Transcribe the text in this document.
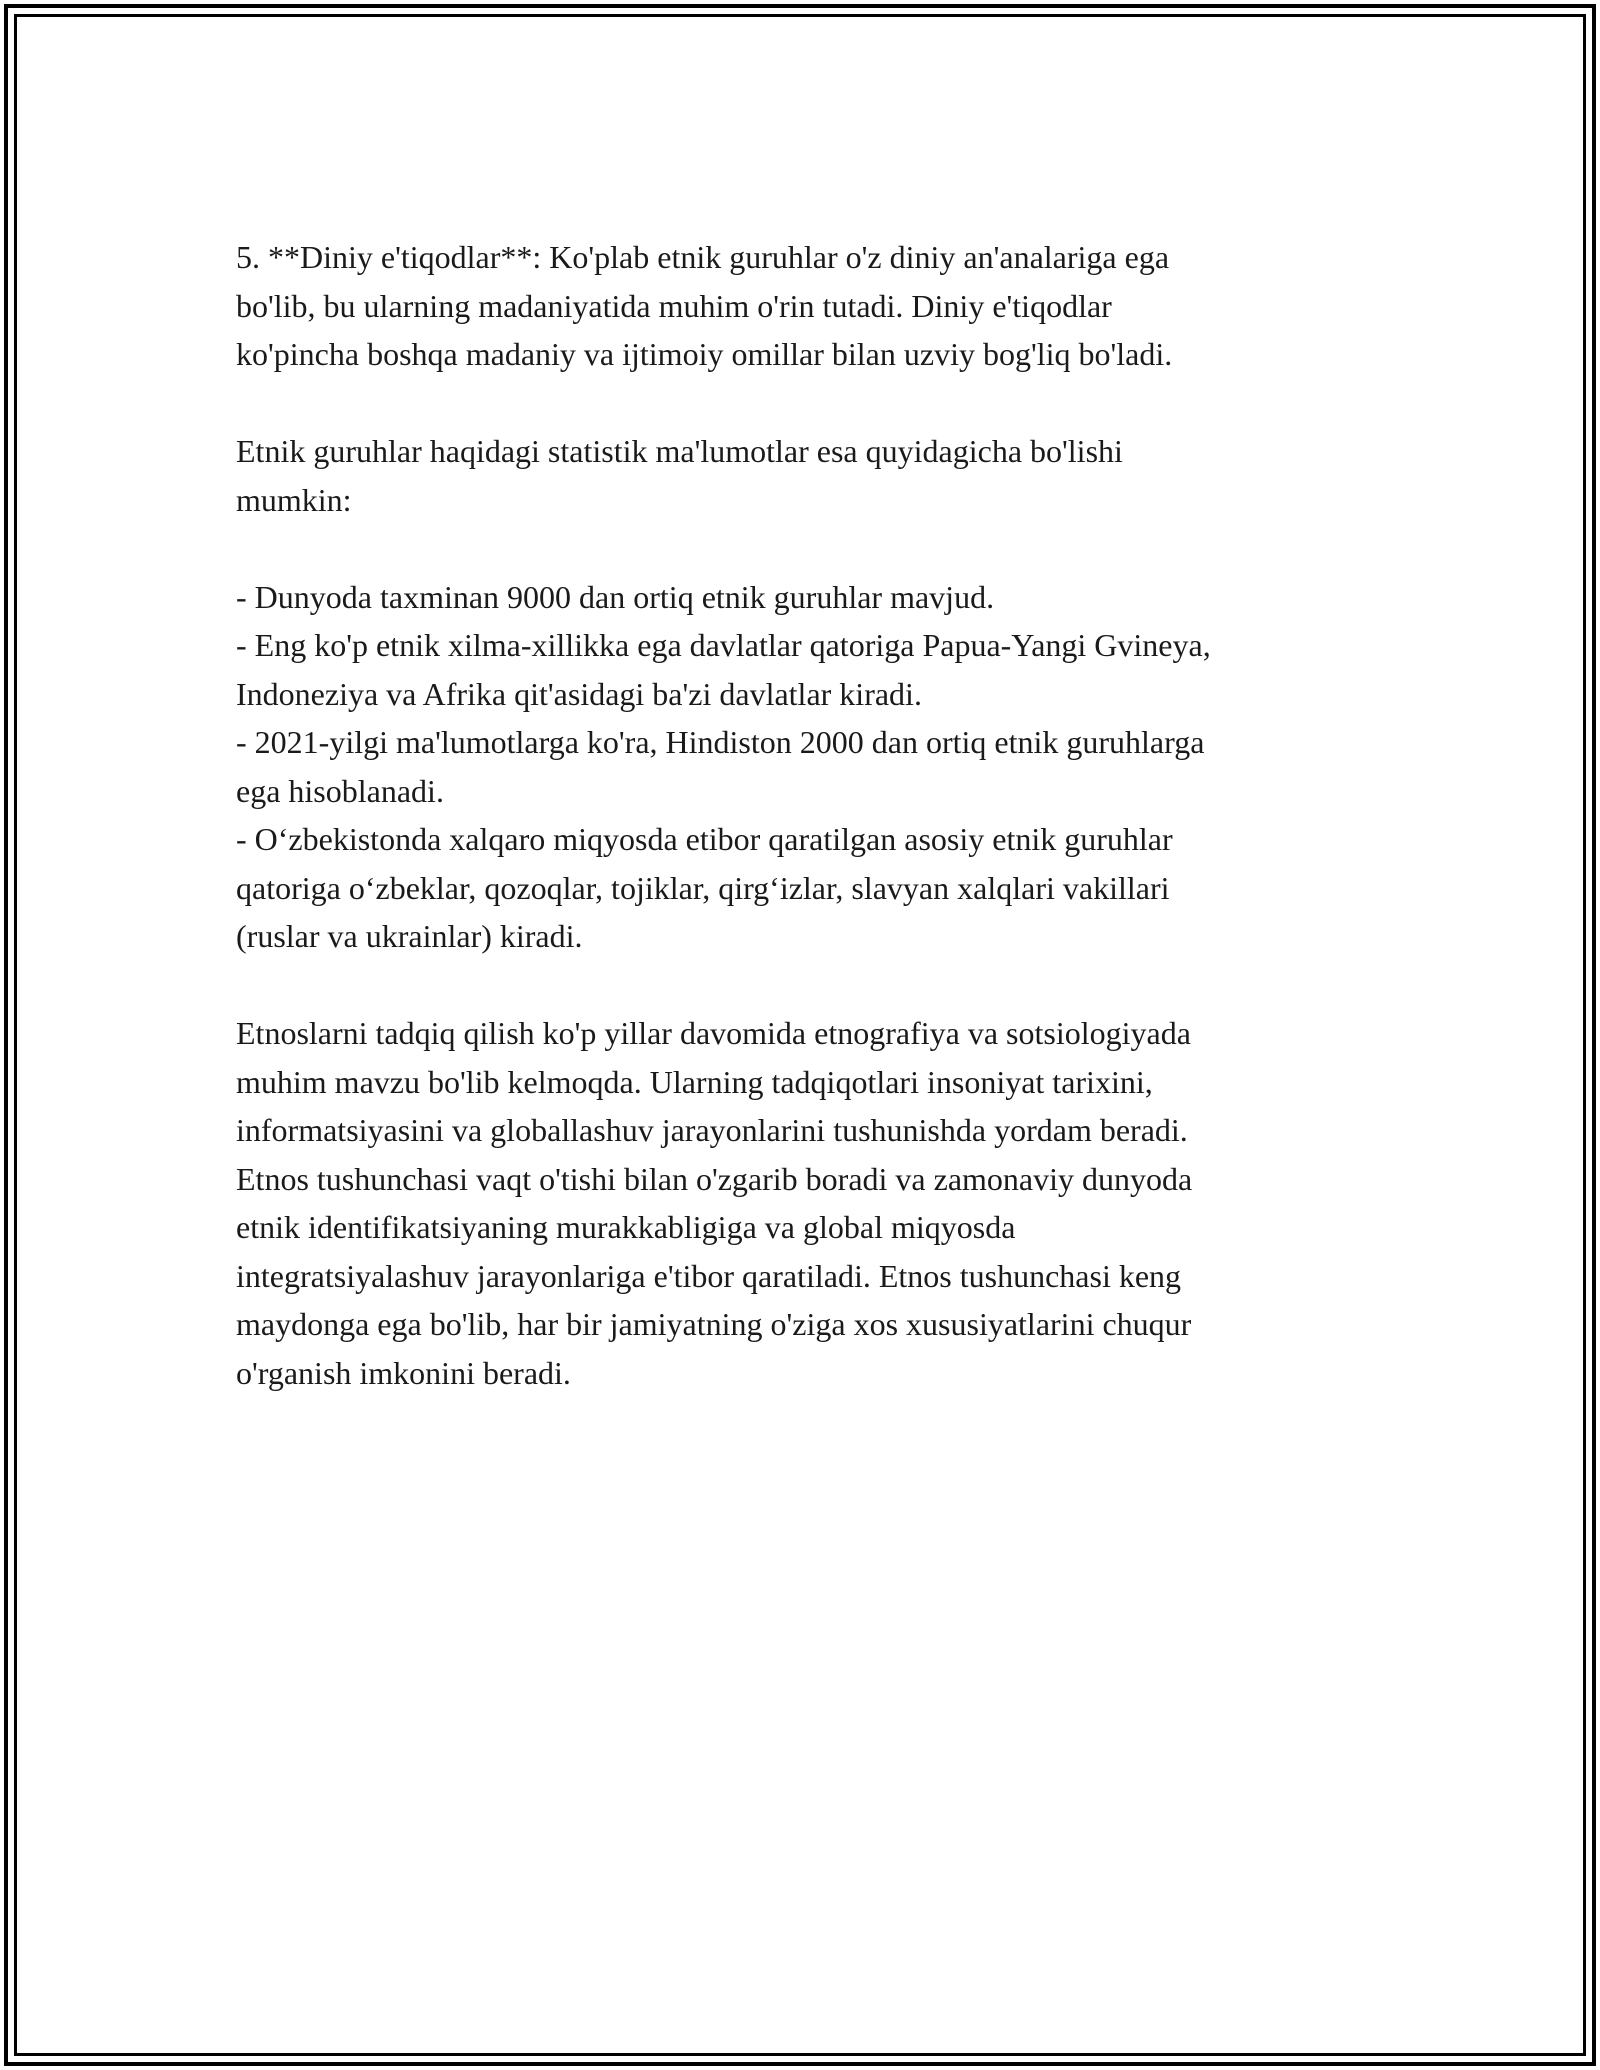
5. **Diniy e'tiqodlar**: Ko'plab etnik guruhlar o'z diniy an'analariga ega
bo'lib, bu ularning madaniyatida muhim o'rin tutadi. Diniy e'tiqodlar
ko'pincha boshqa madaniy va ijtimoiy omillar bilan uzviy bog'liq bo'ladi.

Etnik guruhlar haqidagi statistik ma'lumotlar esa quyidagicha bo'lishi
mumkin:

- Dunyoda taxminan 9000 dan ortiq etnik guruhlar mavjud.

- Eng ko'p etnik xilma-xillikka ega davlatlar qatoriga Papua-Yangi Gvineya,
Indoneziya va Afrika qit'asidagi ba'zi davlatlar kiradi.

- 2021-yilgi ma'lumotlarga ko'ra, Hindiston 2000 dan ortiq etnik guruhlarga
ega hisoblanadi.

- O‘zbekistonda xalqaro miqyosda etibor qaratilgan asosiy etnik guruhlar
qatoriga o‘zbeklar, qozoqlar, tojiklar, qirg‘izlar, slavyan xalqlari vakillari
(ruslar va ukrainlar) kiradi.

Etnoslarni tadqiq qilish ko'p yillar davomida etnografiya va sotsiologiyada
muhim mavzu bo'lib kelmoqda. Ularning tadqiqotlari insoniyat tarixini,
informatsiyasini va globallashuv jarayonlarini tushunishda yordam beradi.
Etnos tushunchasi vaqt o'tishi bilan o'zgarib boradi va zamonaviy dunyoda
etnik identifikatsiyaning murakkabligiga va global miqyosda
integratsiyalashuv jarayonlariga e'tibor qaratiladi. Etnos tushunchasi keng
maydonga ega bo'lib, har bir jamiyatning o'ziga xos xususiyatlarini chuqur
o'rganish imkonini beradi.
